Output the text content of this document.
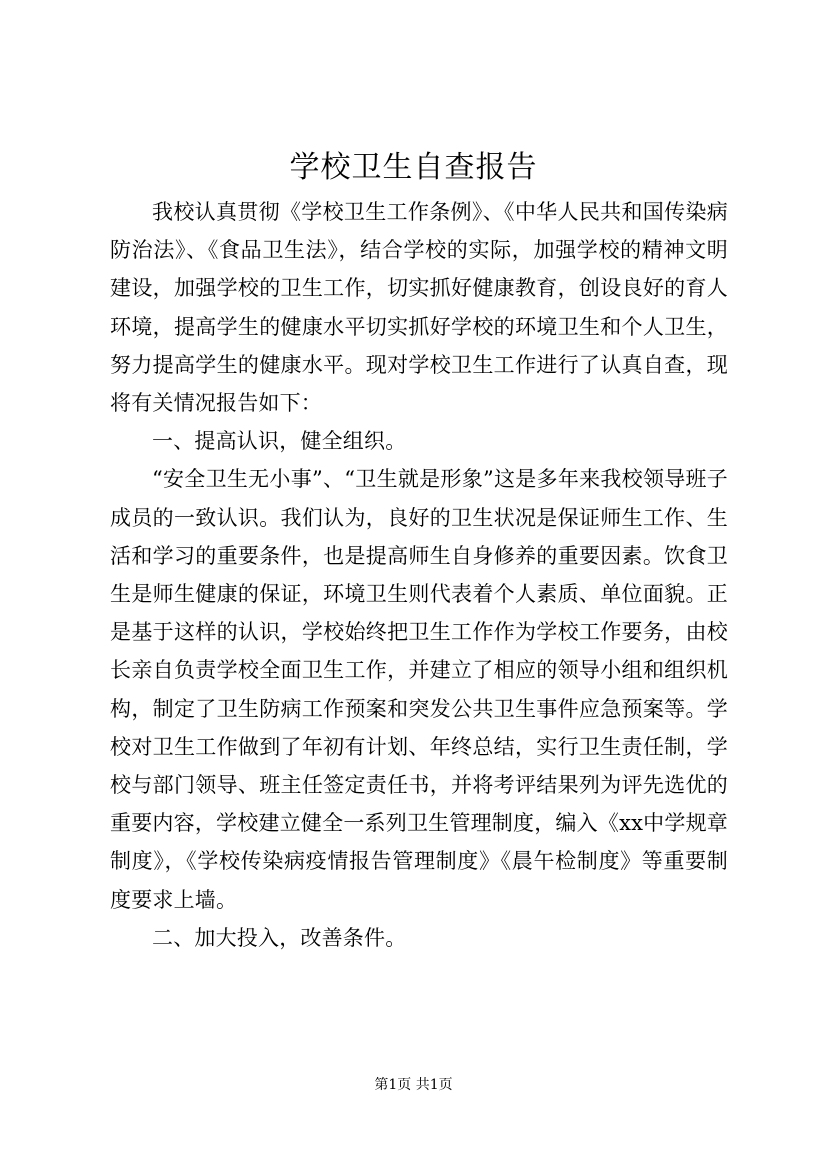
学校卫生自查报告

我校认真贯彻《学校卫生工作条例》、《中华人民共和国传染病防治法》、《食品卫生法》，结合学校的实际，加强学校的精神文明建设，加强学校的卫生工作，切实抓好健康教育，创设良好的育人环境，提高学生的健康水平切实抓好学校的环境卫生和个人卫生，努力提高学生的健康水平。现对学校卫生工作进行了认真自查，现将有关情况报告如下：

一、提高认识，健全组织。

“安全卫生无小事”、“卫生就是形象”这是多年来我校领导班子成员的一致认识。我们认为，良好的卫生状况是保证师生工作、生活和学习的重要条件，也是提高师生自身修养的重要因素。饮食卫生是师生健康的保证，环境卫生则代表着个人素质、单位面貌。正是基于这样的认识，学校始终把卫生工作作为学校工作要务，由校长亲自负责学校全面卫生工作，并建立了相应的领导小组和组织机构，制定了卫生防病工作预案和突发公共卫生事件应急预案等。学校对卫生工作做到了年初有计划、年终总结，实行卫生责任制，学校与部门领导、班主任签定责任书，并将考评结果列为评先选优的重要内容，学校建立健全一系列卫生管理制度，编入《xx中学规章制度》，《学校传染病疫情报告管理制度》《晨午检制度》等重要制度要求上墙。

二、加大投入，改善条件。

第1页 共1页
